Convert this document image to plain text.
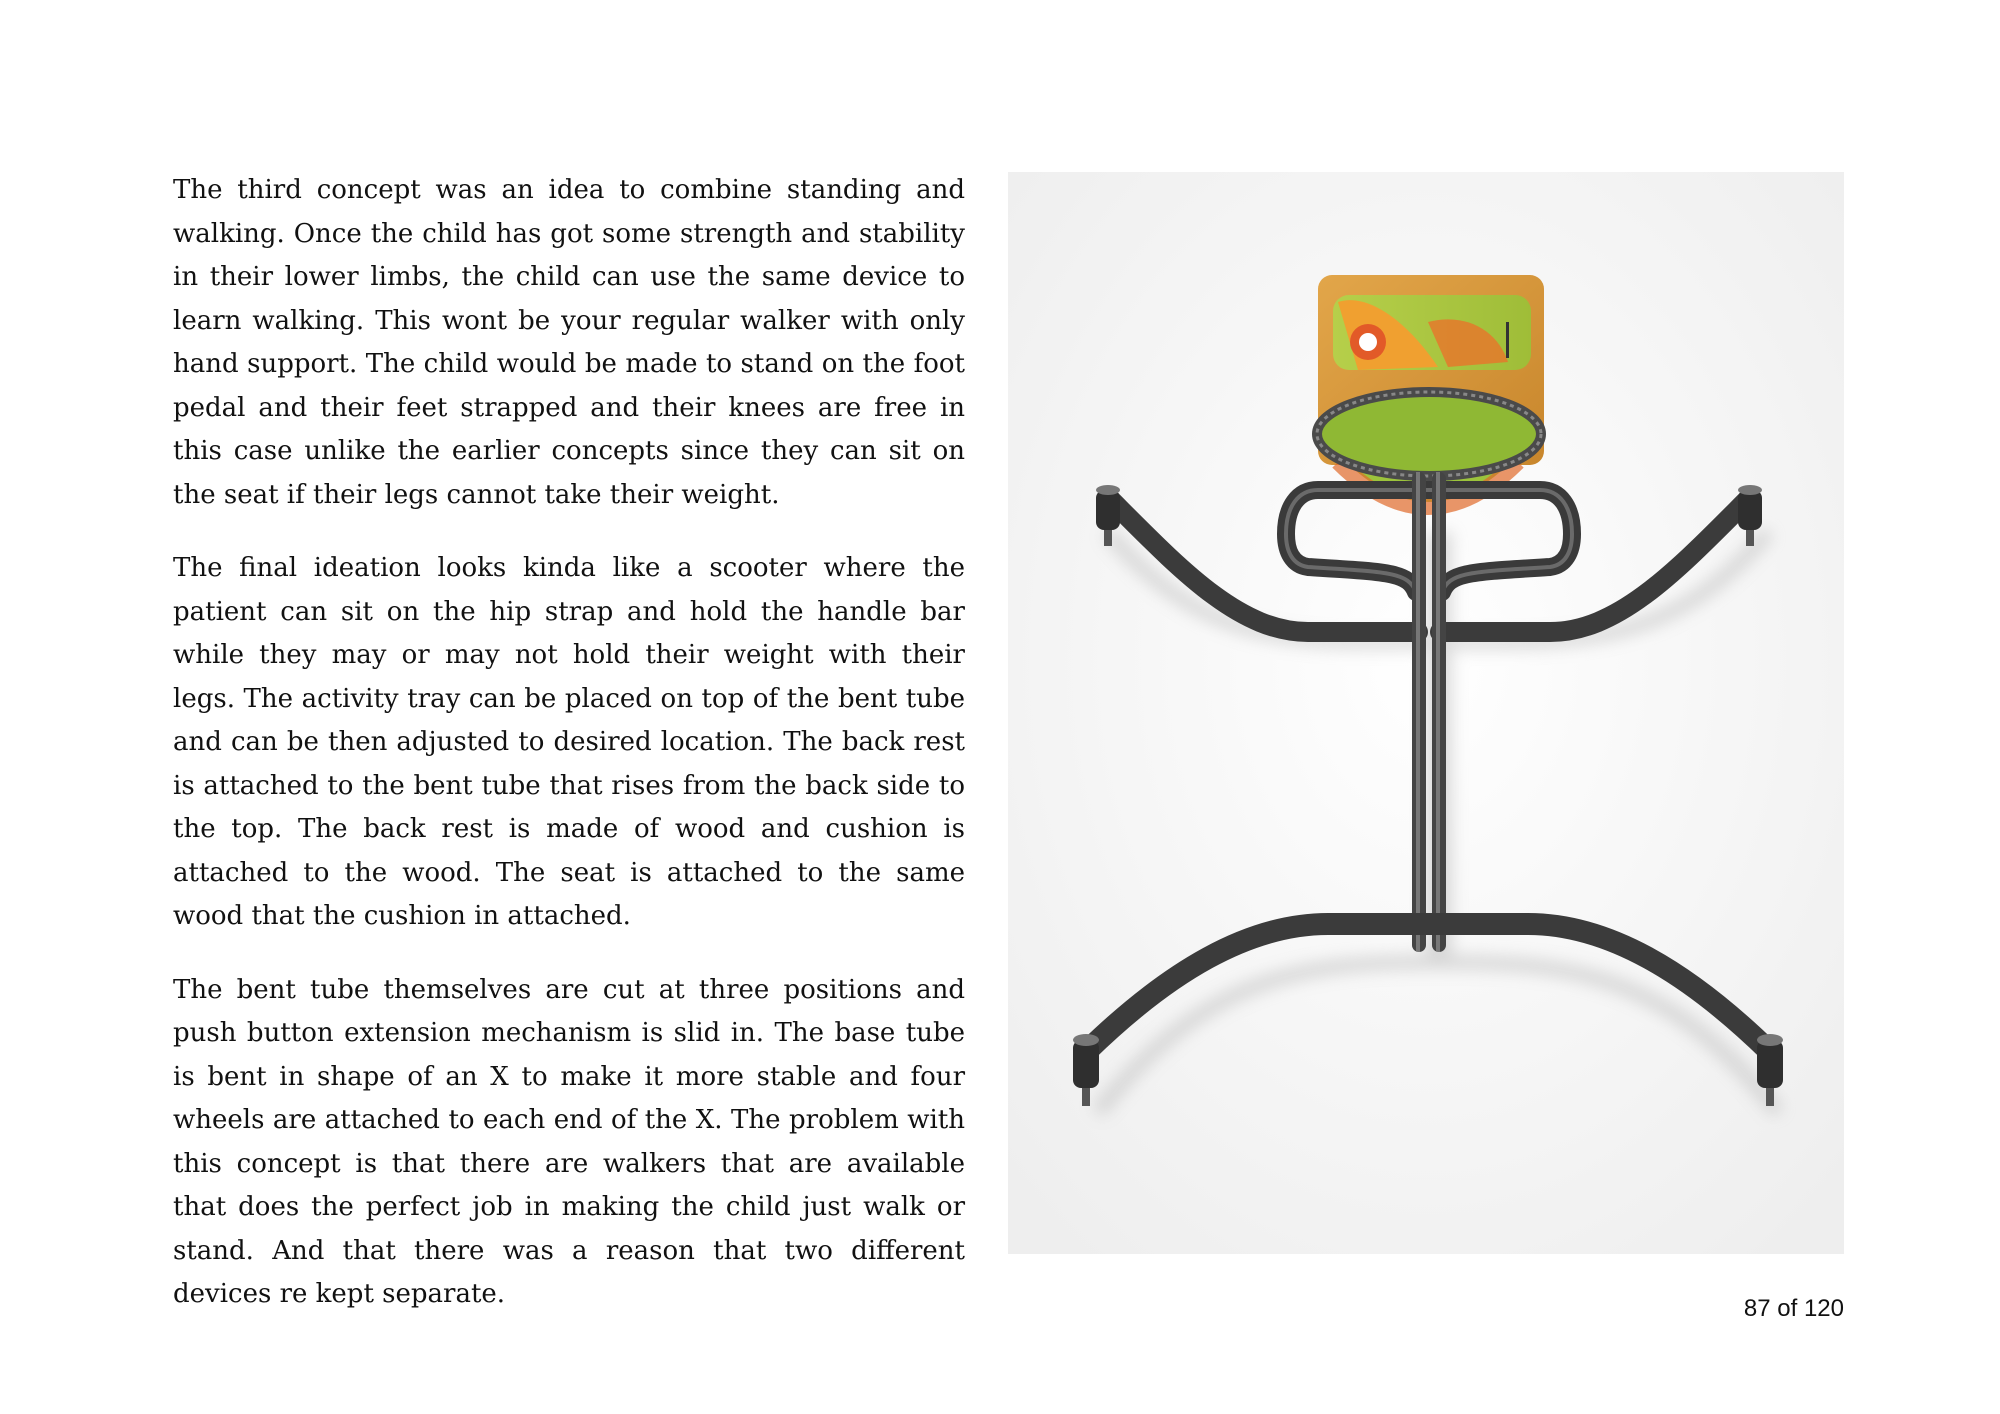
The third concept was an idea to combine standing and walking. Once the child has got some strength and stability in their lower limbs, the child can use the same device to learn walking. This wont be your regular walker with only hand support. The child would be made to stand on the foot pedal and their feet strapped and their knees are free in this case unlike the earlier concepts since they can sit on the seat if their legs cannot take their weight.

The final ideation looks kinda like a scooter where the patient can sit on the hip strap and hold the handle bar while they may or may not hold their weight with their legs. The activity tray can be placed on top of the bent tube and can be then adjusted to desired location. The back rest is attached to the bent tube that rises from the back side to the top. The back rest is made of wood and cushion is attached to the wood. The seat is attached to the same wood that the cushion in attached.

The bent tube themselves are cut at three positions and push button extension mechanism is slid in. The base tube is bent in shape of an X to make it more stable and four wheels are attached to each end of the X. The problem with this concept is that there are walkers that are available that does the perfect job in making the child just walk or stand. And that there was a reason that two different devices re kept separate.	87 of 120
